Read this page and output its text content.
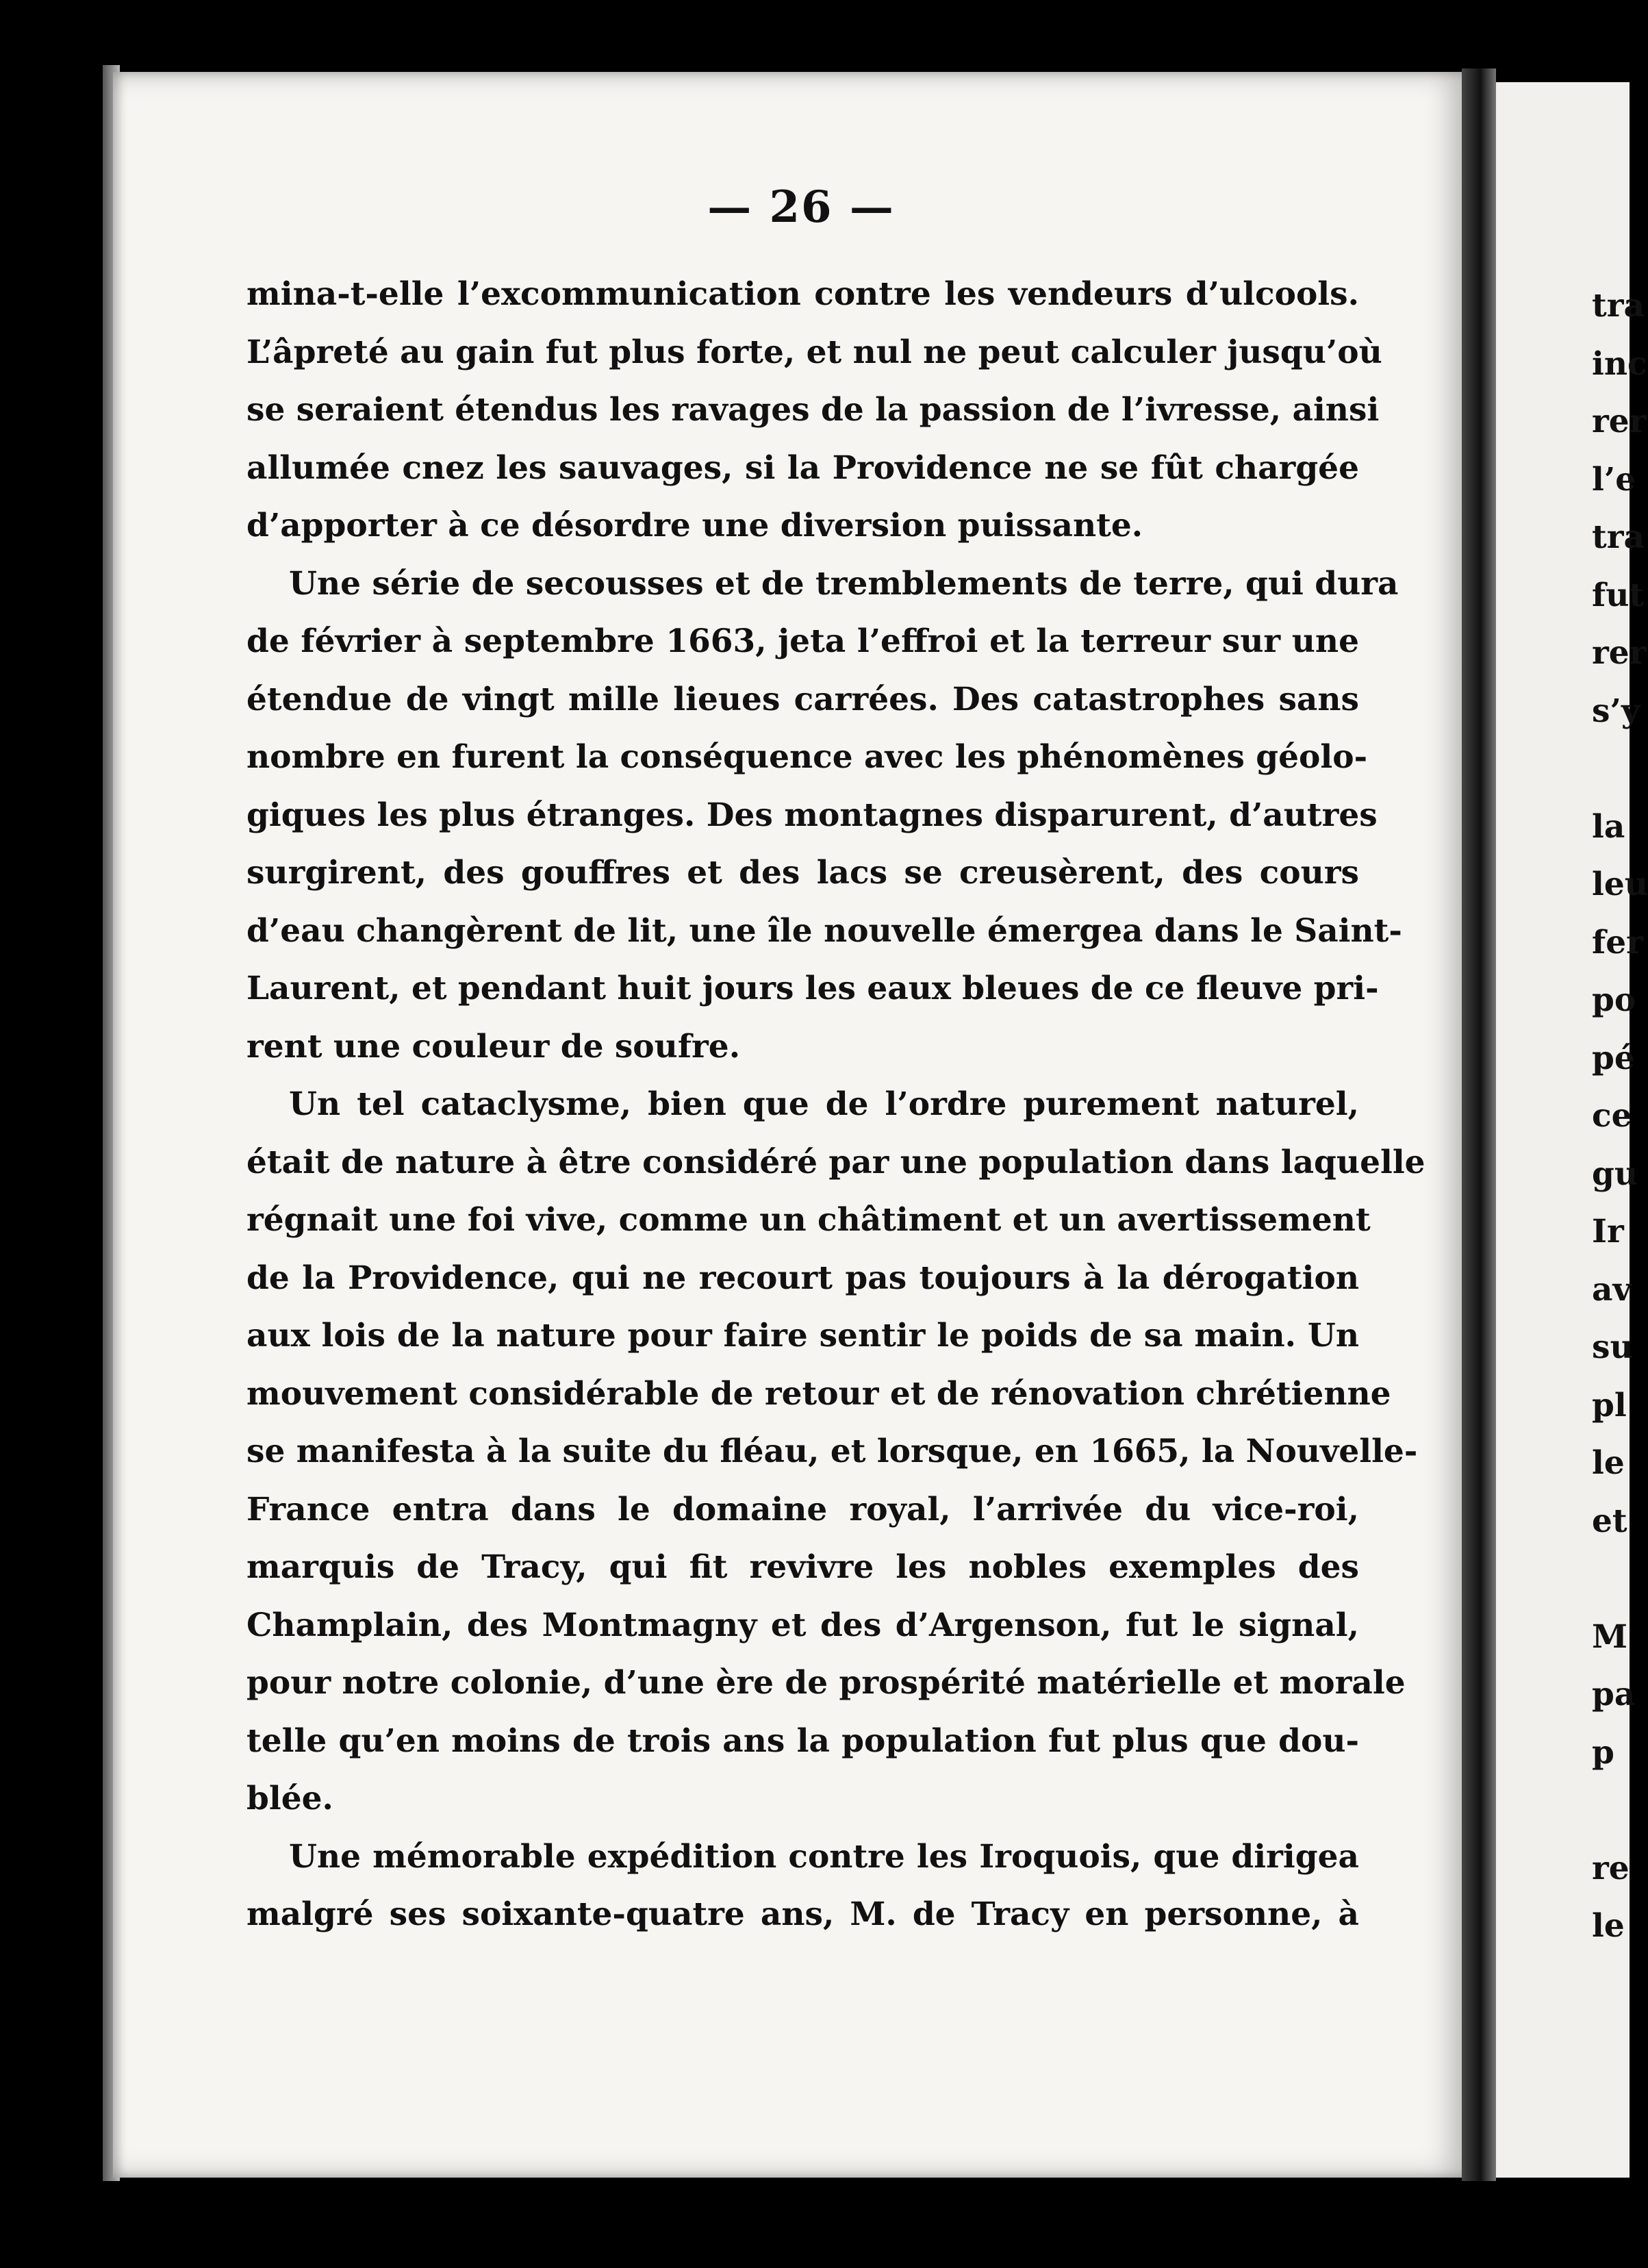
— 26 —
mina-t-elle l’excommunication contre les vendeurs d’ulcools.
L’âpreté au gain fut plus forte, et nul ne peut calculer jusqu’où
se seraient étendus les ravages de la passion de l’ivresse, ainsi
allumée cnez les sauvages, si la Providence ne se fût chargée
d’apporter à ce désordre une diversion puissante.
Une série de secousses et de tremblements de terre, qui dura
de février à septembre 1663, jeta l’effroi et la terreur sur une
étendue de vingt mille lieues carrées. Des catastrophes sans
nombre en furent la conséquence avec les phénomènes géolo-
giques les plus étranges. Des montagnes disparurent, d’autres
surgirent, des gouffres et des lacs se creusèrent, des cours
d’eau changèrent de lit, une île nouvelle émergea dans le Saint-
Laurent, et pendant huit jours les eaux bleues de ce fleuve pri-
rent une couleur de soufre.
Un tel cataclysme, bien que de l’ordre purement naturel,
était de nature à être considéré par une population dans laquelle
régnait une foi vive, comme un châtiment et un avertissement
de la Providence, qui ne recourt pas toujours à la dérogation
aux lois de la nature pour faire sentir le poids de sa main. Un
mouvement considérable de retour et de rénovation chrétienne
se manifesta à la suite du fléau, et lorsque, en 1665, la Nouvelle-
France entra dans le domaine royal, l’arrivée du vice-roi,
marquis de Tracy, qui fit revivre les nobles exemples des
Champlain, des Montmagny et des d’Argenson, fut le signal,
pour notre colonie, d’une ère de prospérité matérielle et morale
telle qu’en moins de trois ans la population fut plus que dou-
blée.
Une mémorable expédition contre les Iroquois, que dirigea
malgré ses soixante-quatre ans, M. de Tracy en personne, à
tra
inc
rer
l’e
tra
fut
rer
s’y
la
leu
fer
po
pé
ce
gu
Ir
av
su
pl
le
et
M
pa
p
re
le
